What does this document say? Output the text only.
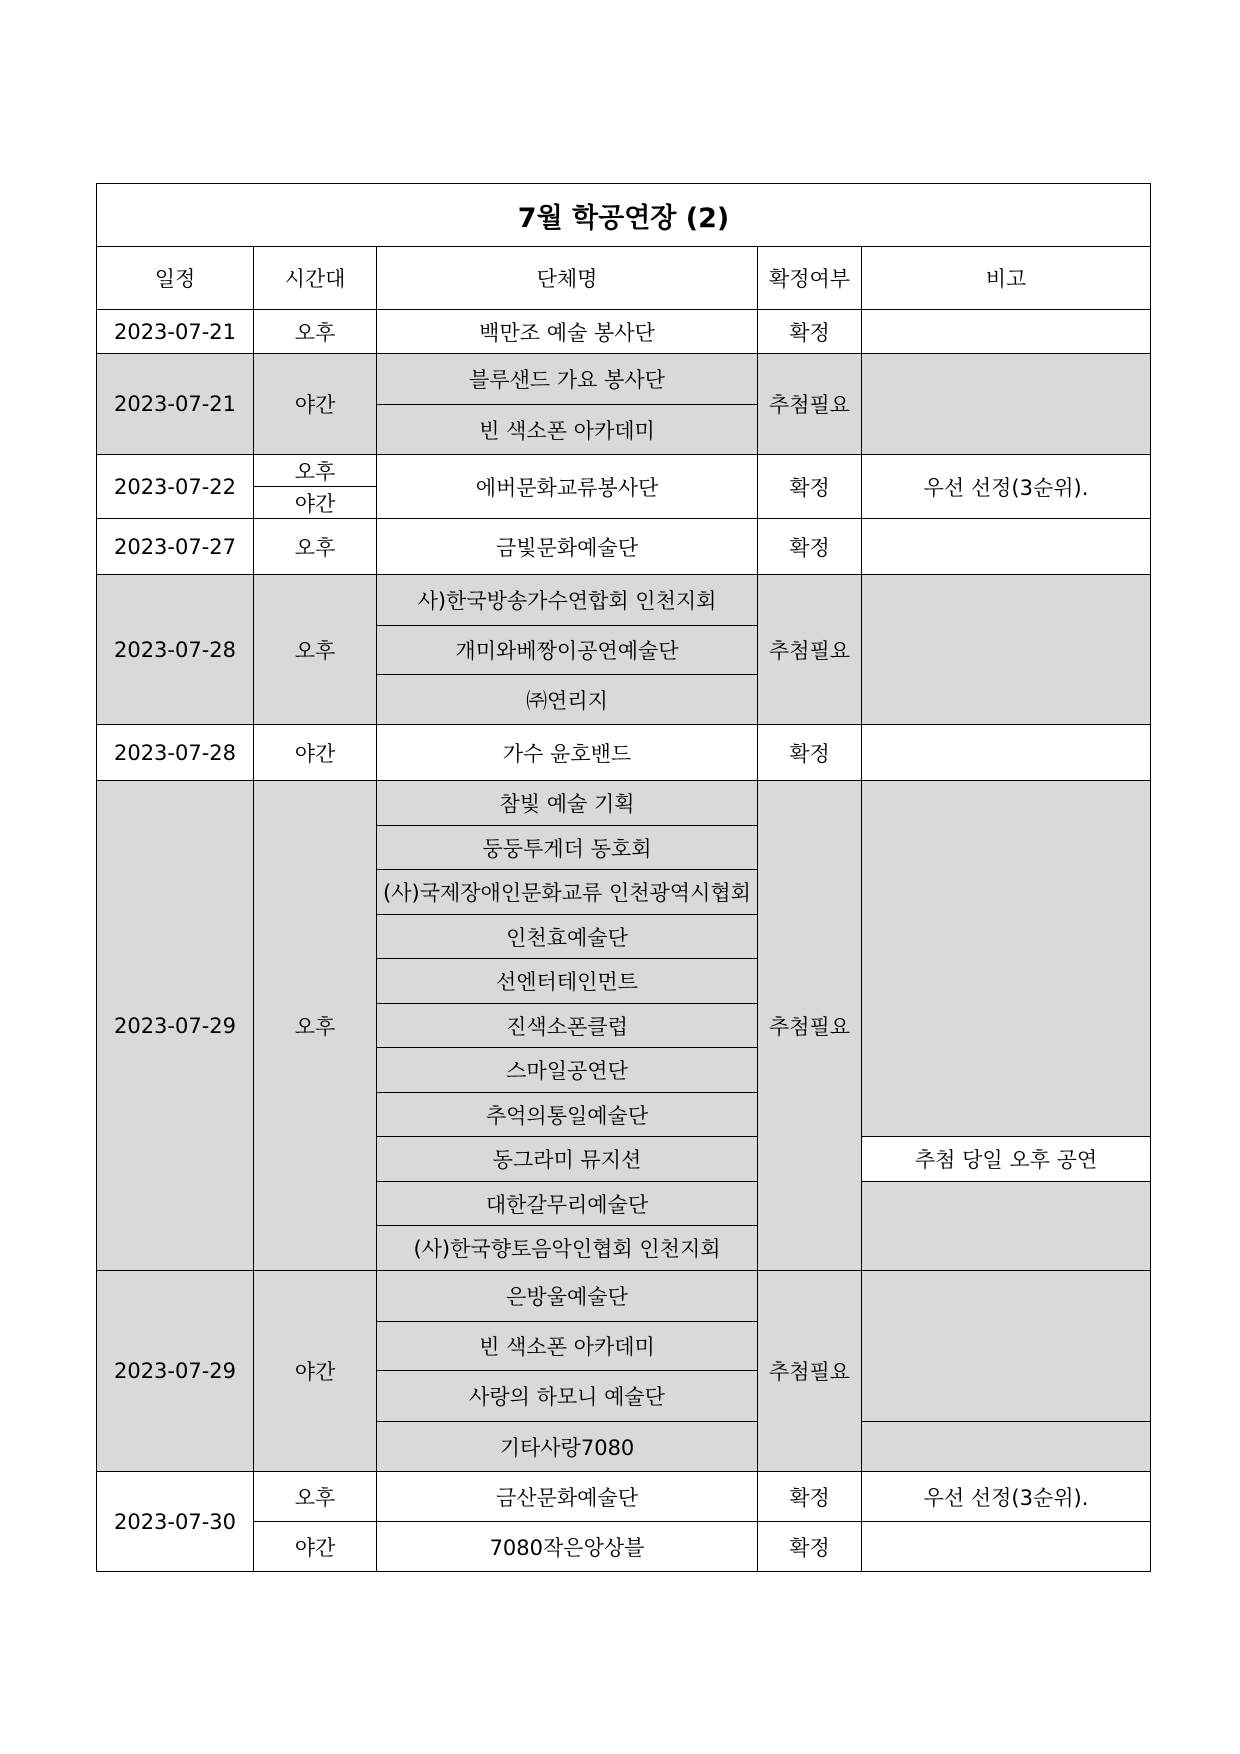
7월 학공연장 (2)				
일정	시간대	단체명	확정여부	비고
2023-07-21	오후	백만조 예술 봉사단	확정	
2023-07-21	야간	블루샌드 가요 봉사단	추첨필요	
		빈 색소폰 아카데미		
2023-07-22	오후	에버문화교류봉사단	확정	우선 선정(3순위).
	야간			
2023-07-27	오후	금빛문화예술단	확정	
2023-07-28	오후	사)한국방송가수연합회 인천지회	추첨필요	
		개미와베짱이공연예술단		
		㈜연리지		
2023-07-28	야간	가수 윤호밴드	확정	
2023-07-29	오후	참빛 예술 기획	추첨필요	
		둥둥투게더 동호회		
		(사)국제장애인문화교류 인천광역시협회		
		인천효예술단		
		선엔터테인먼트		
		진색소폰클럽		
		스마일공연단		
		추억의통일예술단		
		동그라미 뮤지션		추첨 당일 오후 공연
		대한갈무리예술단		
		(사)한국향토음악인협회 인천지회		
2023-07-29	야간	은방울예술단	추첨필요	
		빈 색소폰 아카데미		
		사랑의 하모니 예술단		
		기타사랑7080		
2023-07-30	오후	금산문화예술단	확정	우선 선정(3순위).
	야간	7080작은앙상블	확정	
